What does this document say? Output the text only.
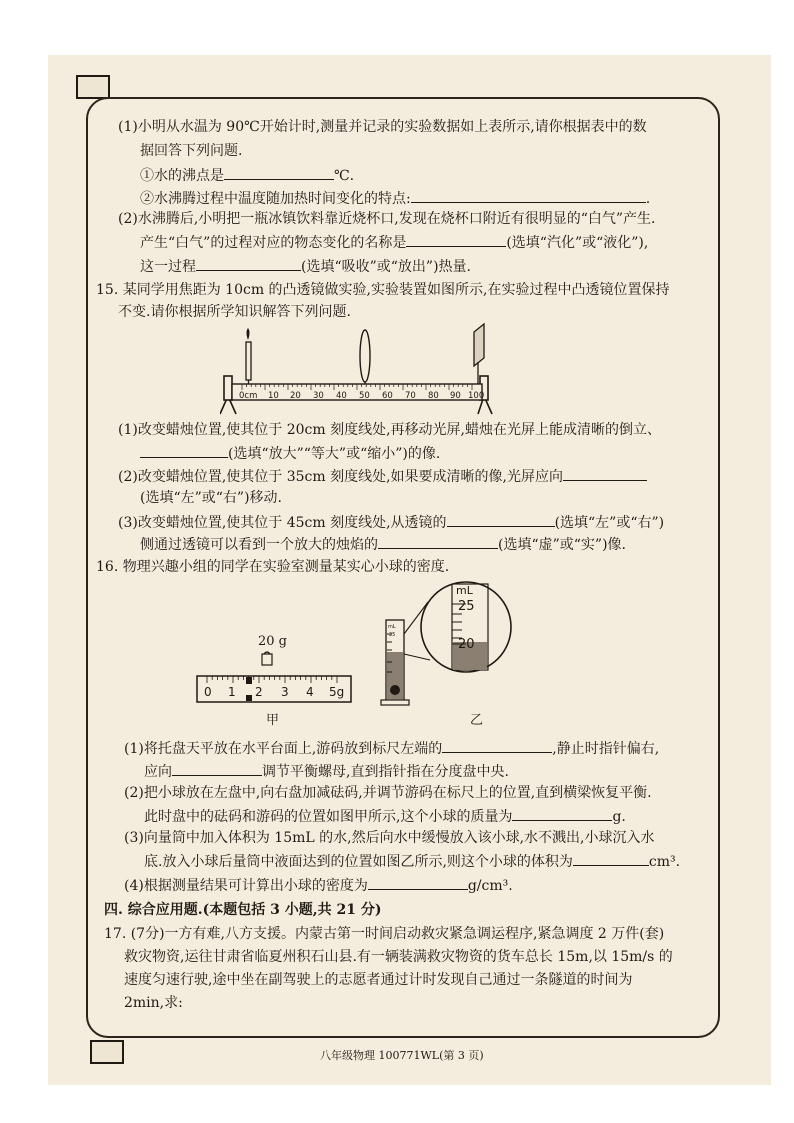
(1)小明从水温为 90℃开始计时,测量并记录的实验数据如上表所示,请你根据表中的数
据回答下列问题.
①水的沸点是	℃.
②水沸腾过程中温度随加热时间变化的特点:	.
(2)水沸腾后,小明把一瓶冰镇饮料靠近烧杯口,发现在烧杯口附近有很明显的“白气”产生.
产生“白气”的过程对应的物态变化的名称是	(选填“汽化”或“液化”),
这一过程	(选填“吸收”或“放出”)热量.
15. 某同学用焦距为 10cm 的凸透镜做实验,实验装置如图所示,在实验过程中凸透镜位置保持
不变.请你根据所学知识解答下列问题.
0cm 10 20 30 40 50 60 70 80 90 100
(1)改变蜡烛位置,使其位于 20cm 刻度线处,再移动光屏,蜡烛在光屏上能成清晰的倒立、
(选填“放大”“等大”或“缩小”)的像.
(2)改变蜡烛位置,使其位于 35cm 刻度线处,如果要成清晰的像,光屏应向
(选填“左”或“右”)移动.
(3)改变蜡烛位置,使其位于 45cm 刻度线处,从透镜的	(选填“左”或“右”)
侧通过透镜可以看到一个放大的烛焰的	(选填“虚”或“实”)像.
16. 物理兴趣小组的同学在实验室测量某实心小球的密度.
20 g
0 1 2 3 4 5g
甲
mL
25
mL
25
20
乙
(1)将托盘天平放在水平台面上,游码放到标尺左端的	,静止时指针偏右,
应向	调节平衡螺母,直到指针指在分度盘中央.
(2)把小球放在左盘中,向右盘加减砝码,并调节游码在标尺上的位置,直到横梁恢复平衡.
此时盘中的砝码和游码的位置如图甲所示,这个小球的质量为	g.
(3)向量筒中加入体积为 15mL 的水,然后向水中缓慢放入该小球,水不溅出,小球沉入水
底.放入小球后量筒中液面达到的位置如图乙所示,则这个小球的体积为	cm³.
(4)根据测量结果可计算出小球的密度为	g/cm³.
四. 综合应用题.(本题包括 3 小题,共 21 分)
17. (7分)一方有难,八方支援。内蒙古第一时间启动救灾紧急调运程序,紧急调度 2 万件(套)
救灾物资,运往甘肃省临夏州积石山县.有一辆装满救灾物资的货车总长 15m,以 15m/s 的
速度匀速行驶,途中坐在副驾驶上的志愿者通过计时发现自己通过一条隧道的时间为
2min,求:
八年级物理 100771WL(第 3 页)
